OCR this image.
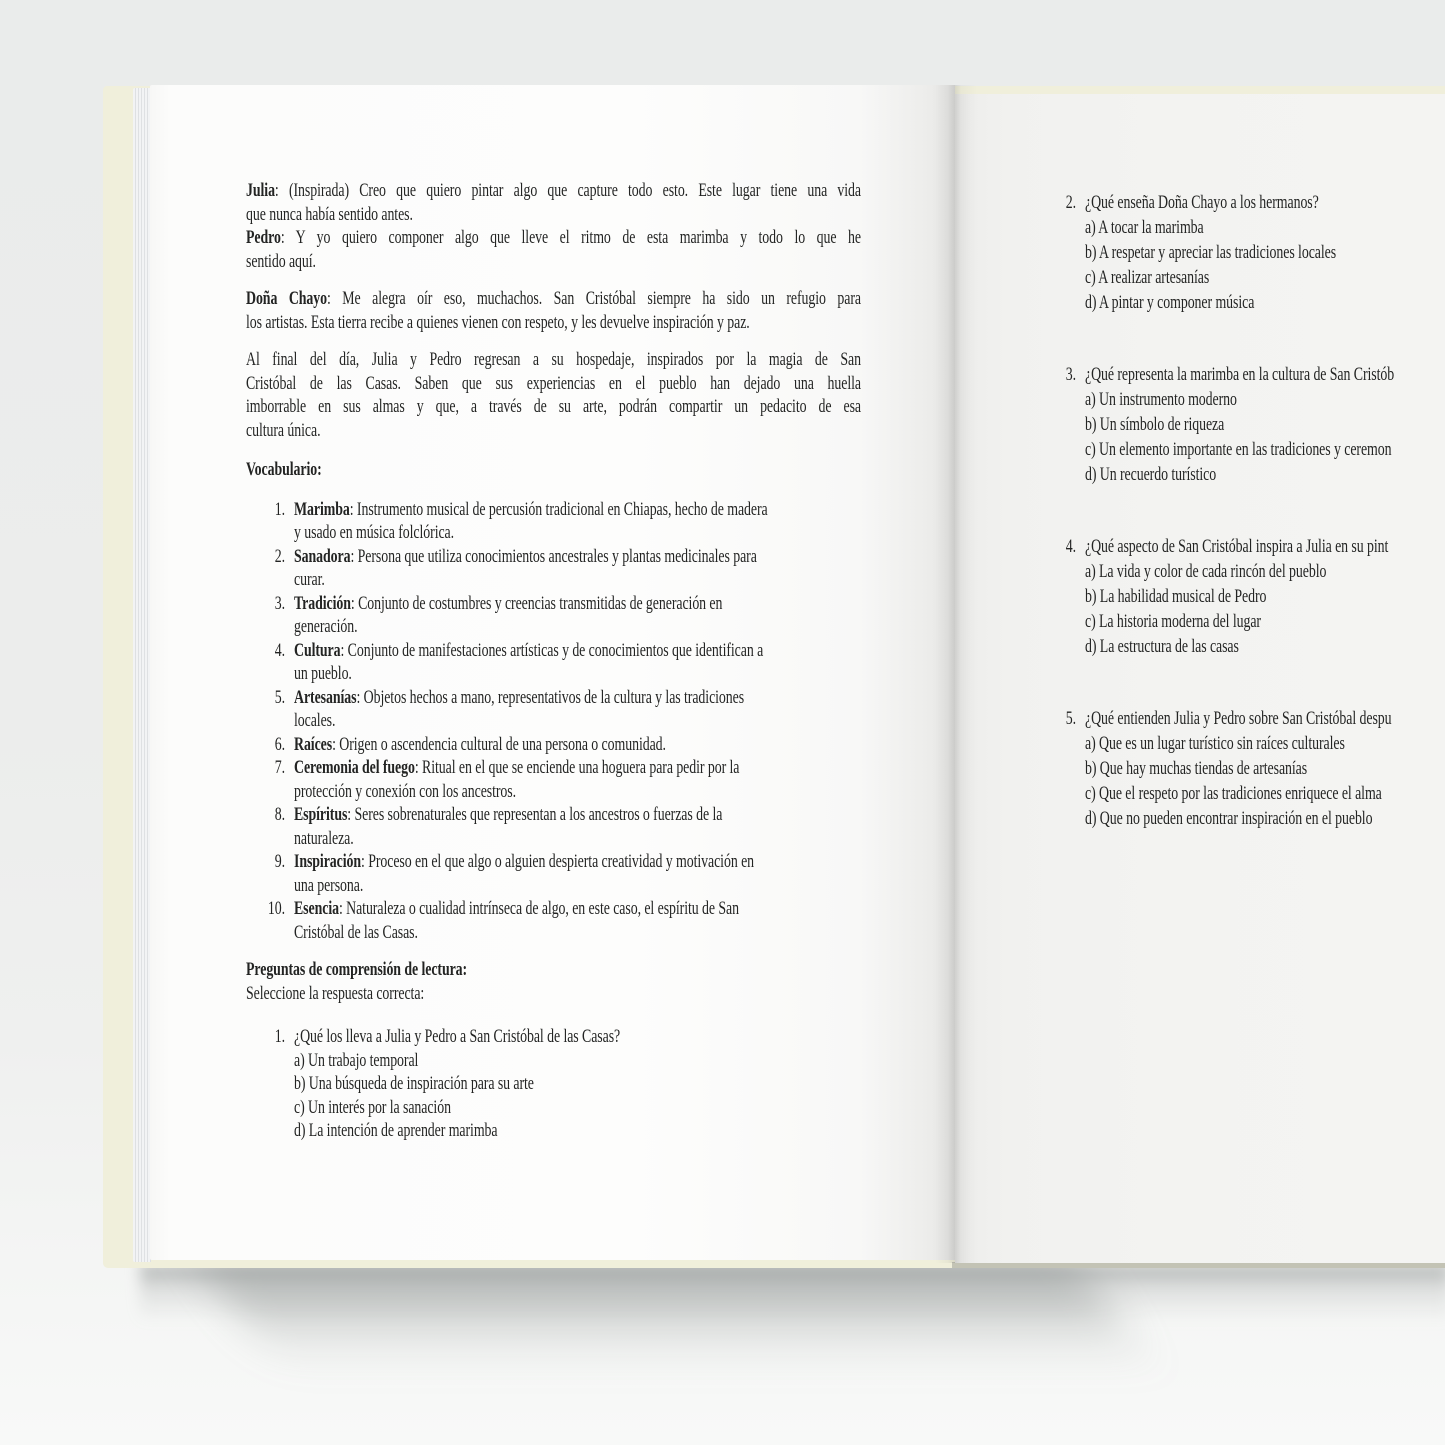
Julia: (Inspirada) Creo que quiero pintar algo que capture todo esto. Este lugar tiene una vida
que nunca había sentido antes.
Pedro: Y yo quiero componer algo que lleve el ritmo de esta marimba y todo lo que he
sentido aquí.
Doña Chayo: Me alegra oír eso, muchachos. San Cristóbal siempre ha sido un refugio para
los artistas. Esta tierra recibe a quienes vienen con respeto, y les devuelve inspiración y paz.
Al final del día, Julia y Pedro regresan a su hospedaje, inspirados por la magia de San
Cristóbal de las Casas. Saben que sus experiencias en el pueblo han dejado una huella
imborrable en sus almas y que, a través de su arte, podrán compartir un pedacito de esa
cultura única.
Vocabulario:
1. Marimba: Instrumento musical de percusión tradicional en Chiapas, hecho de madera
y usado en música folclórica.
2. Sanadora: Persona que utiliza conocimientos ancestrales y plantas medicinales para
curar.
3. Tradición: Conjunto de costumbres y creencias transmitidas de generación en
generación.
4. Cultura: Conjunto de manifestaciones artísticas y de conocimientos que identifican a
un pueblo.
5. Artesanías: Objetos hechos a mano, representativos de la cultura y las tradiciones
locales.
6. Raíces: Origen o ascendencia cultural de una persona o comunidad.
7. Ceremonia del fuego: Ritual en el que se enciende una hoguera para pedir por la
protección y conexión con los ancestros.
8. Espíritus: Seres sobrenaturales que representan a los ancestros o fuerzas de la
naturaleza.
9. Inspiración: Proceso en el que algo o alguien despierta creatividad y motivación en
una persona.
10. Esencia: Naturaleza o cualidad intrínseca de algo, en este caso, el espíritu de San
Cristóbal de las Casas.
Preguntas de comprensión de lectura:
Seleccione la respuesta correcta:
1. ¿Qué los lleva a Julia y Pedro a San Cristóbal de las Casas?
a) Un trabajo temporal
b) Una búsqueda de inspiración para su arte
c) Un interés por la sanación
d) La intención de aprender marimba
2. ¿Qué enseña Doña Chayo a los hermanos?
a) A tocar la marimba
b) A respetar y apreciar las tradiciones locales
c) A realizar artesanías
d) A pintar y componer música
3. ¿Qué representa la marimba en la cultura de San Cristób
a) Un instrumento moderno
b) Un símbolo de riqueza
c) Un elemento importante en las tradiciones y ceremon
d) Un recuerdo turístico
4. ¿Qué aspecto de San Cristóbal inspira a Julia en su pint
a) La vida y color de cada rincón del pueblo
b) La habilidad musical de Pedro
c) La historia moderna del lugar
d) La estructura de las casas
5. ¿Qué entienden Julia y Pedro sobre San Cristóbal despu
a) Que es un lugar turístico sin raíces culturales
b) Que hay muchas tiendas de artesanías
c) Que el respeto por las tradiciones enriquece el alma
d) Que no pueden encontrar inspiración en el pueblo
